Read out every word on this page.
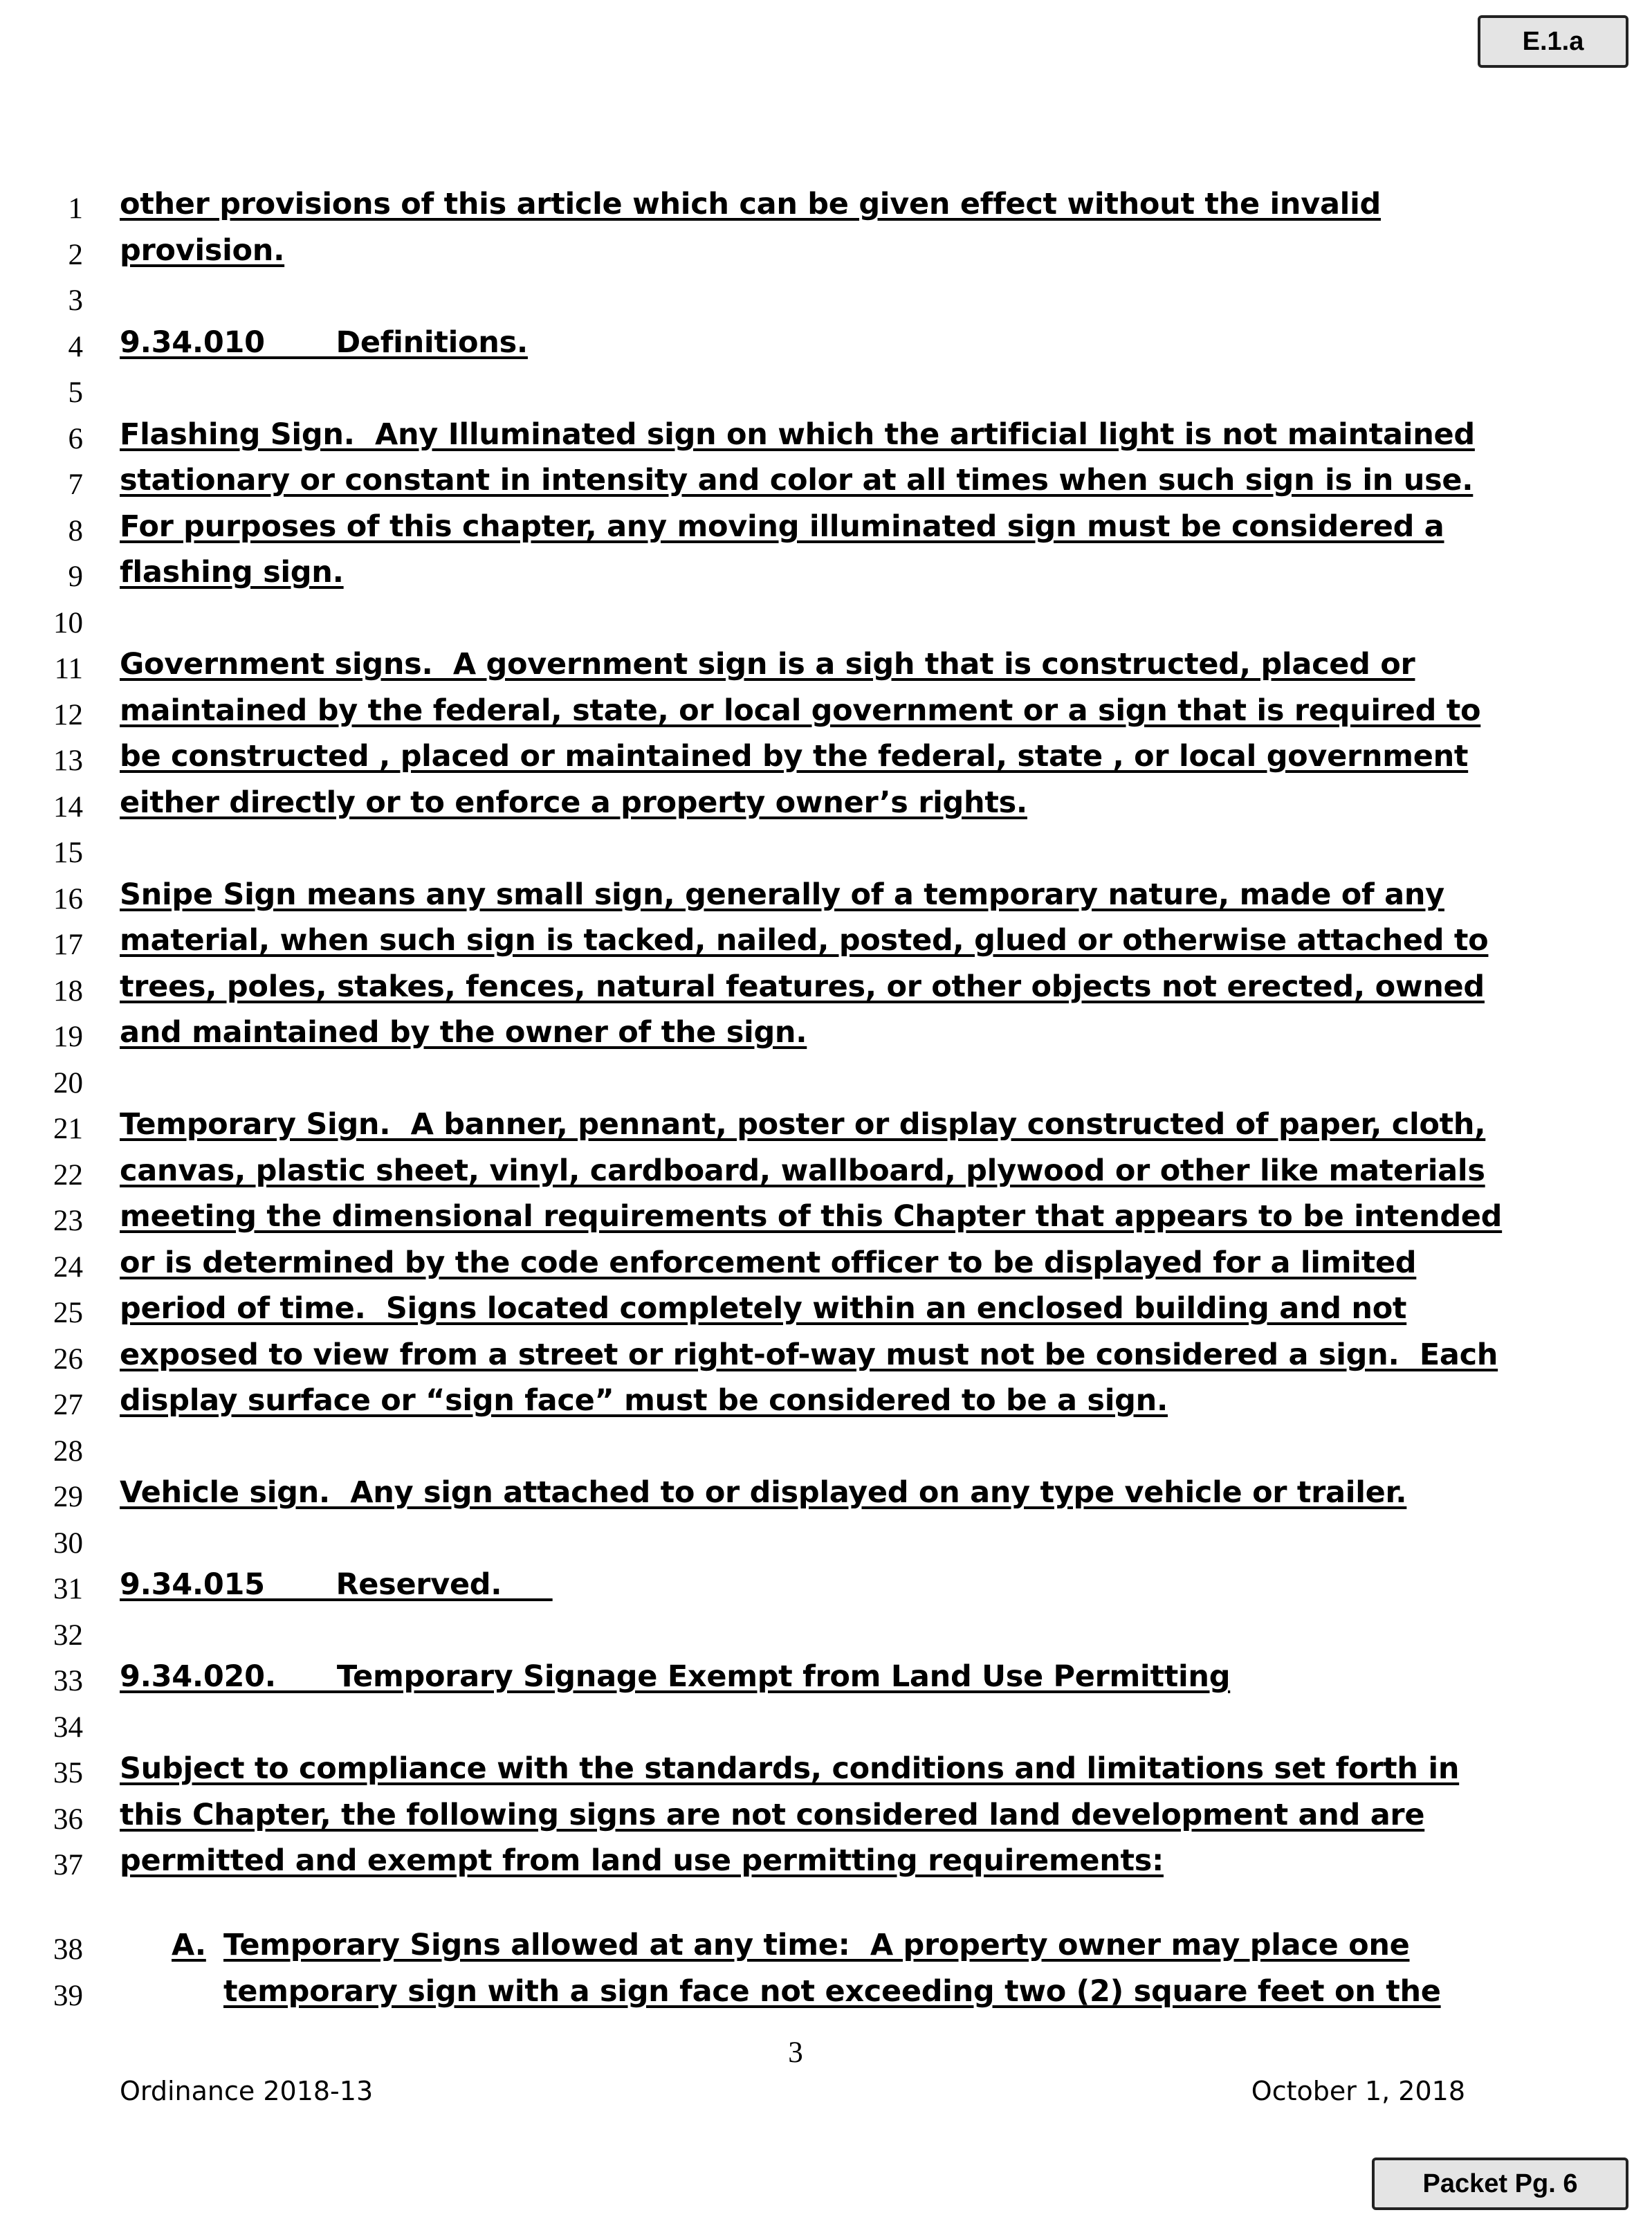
E.1.a
1 other provisions of this article which can be given effect without the invalid
2 provision.
3
4 9.34.010       Definitions.
5
6 Flashing Sign.  Any Illuminated sign on which the artificial light is not maintained
7 stationary or constant in intensity and color at all times when such sign is in use.
8 For purposes of this chapter, any moving illuminated sign must be considered a
9 flashing sign.
10
11 Government signs.  A government sign is a sigh that is constructed, placed or
12 maintained by the federal, state, or local government or a sign that is required to
13 be constructed , placed or maintained by the federal, state , or local government
14 either directly or to enforce a property owner’s rights.
15
16 Snipe Sign means any small sign, generally of a temporary nature, made of any
17 material, when such sign is tacked, nailed, posted, glued or otherwise attached to
18 trees, poles, stakes, fences, natural features, or other objects not erected, owned
19 and maintained by the owner of the sign.
20
21 Temporary Sign.  A banner, pennant, poster or display constructed of paper, cloth,
22 canvas, plastic sheet, vinyl, cardboard, wallboard, plywood or other like materials
23 meeting the dimensional requirements of this Chapter that appears to be intended
24 or is determined by the code enforcement officer to be displayed for a limited
25 period of time.  Signs located completely within an enclosed building and not
26 exposed to view from a street or right-of-way must not be considered a sign.  Each
27 display surface or “sign face” must be considered to be a sign.
28
29 Vehicle sign.  Any sign attached to or displayed on any type vehicle or trailer.
30
31 9.34.015       Reserved.
32
33 9.34.020.      Temporary Signage Exempt from Land Use Permitting
34
35 Subject to compliance with the standards, conditions and limitations set forth in
36 this Chapter, the following signs are not considered land development and are
37 permitted and exempt from land use permitting requirements:
38	A. Temporary Signs allowed at any time:  A property owner may place one
39	temporary sign with a sign face not exceeding two (2) square feet on the
3
Ordinance 2018-13	October 1, 2018
Packet Pg. 6
